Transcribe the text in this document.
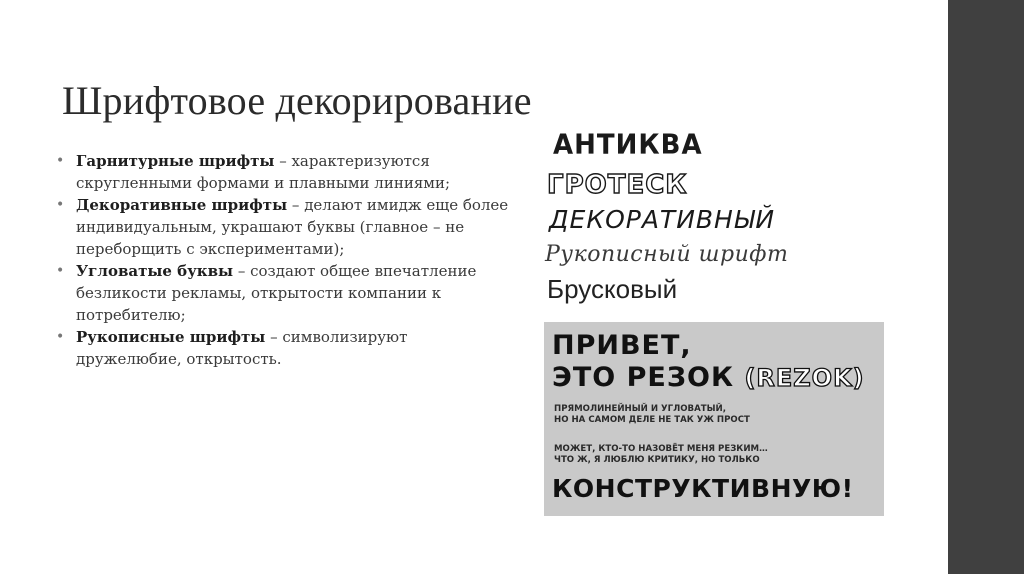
Шрифтовое декорирование
• Гарнитурные шрифты – характеризуются скругленными формами и плавными линиями;
• Декоративные шрифты – делают имидж еще более индивидуальным, украшают буквы (главное – не переборщить с экспериментами);
• Угловатые буквы – создают общее впечатление безликости рекламы, открытости компании к потребителю;
• Рукописные шрифты – символизируют дружелюбие, открытость.
АНТИКВА
ГРОТЕСК
ДЕКОРАТИВНЫЙ
Рукописный шрифт
Брусковый
ПРИВЕТ,
ЭТО РЕЗОК (REZOK)
ПРЯМОЛИНЕЙНЫЙ И УГЛОВАТЫЙ,
НО НА САМОМ ДЕЛЕ НЕ ТАК УЖ ПРОСТ
МОЖЕТ, КТО-ТО НАЗОВЁТ МЕНЯ РЕЗКИМ…
ЧТО Ж, Я ЛЮБЛЮ КРИТИКУ, НО ТОЛЬКО
КОНСТРУКТИВНУЮ!
